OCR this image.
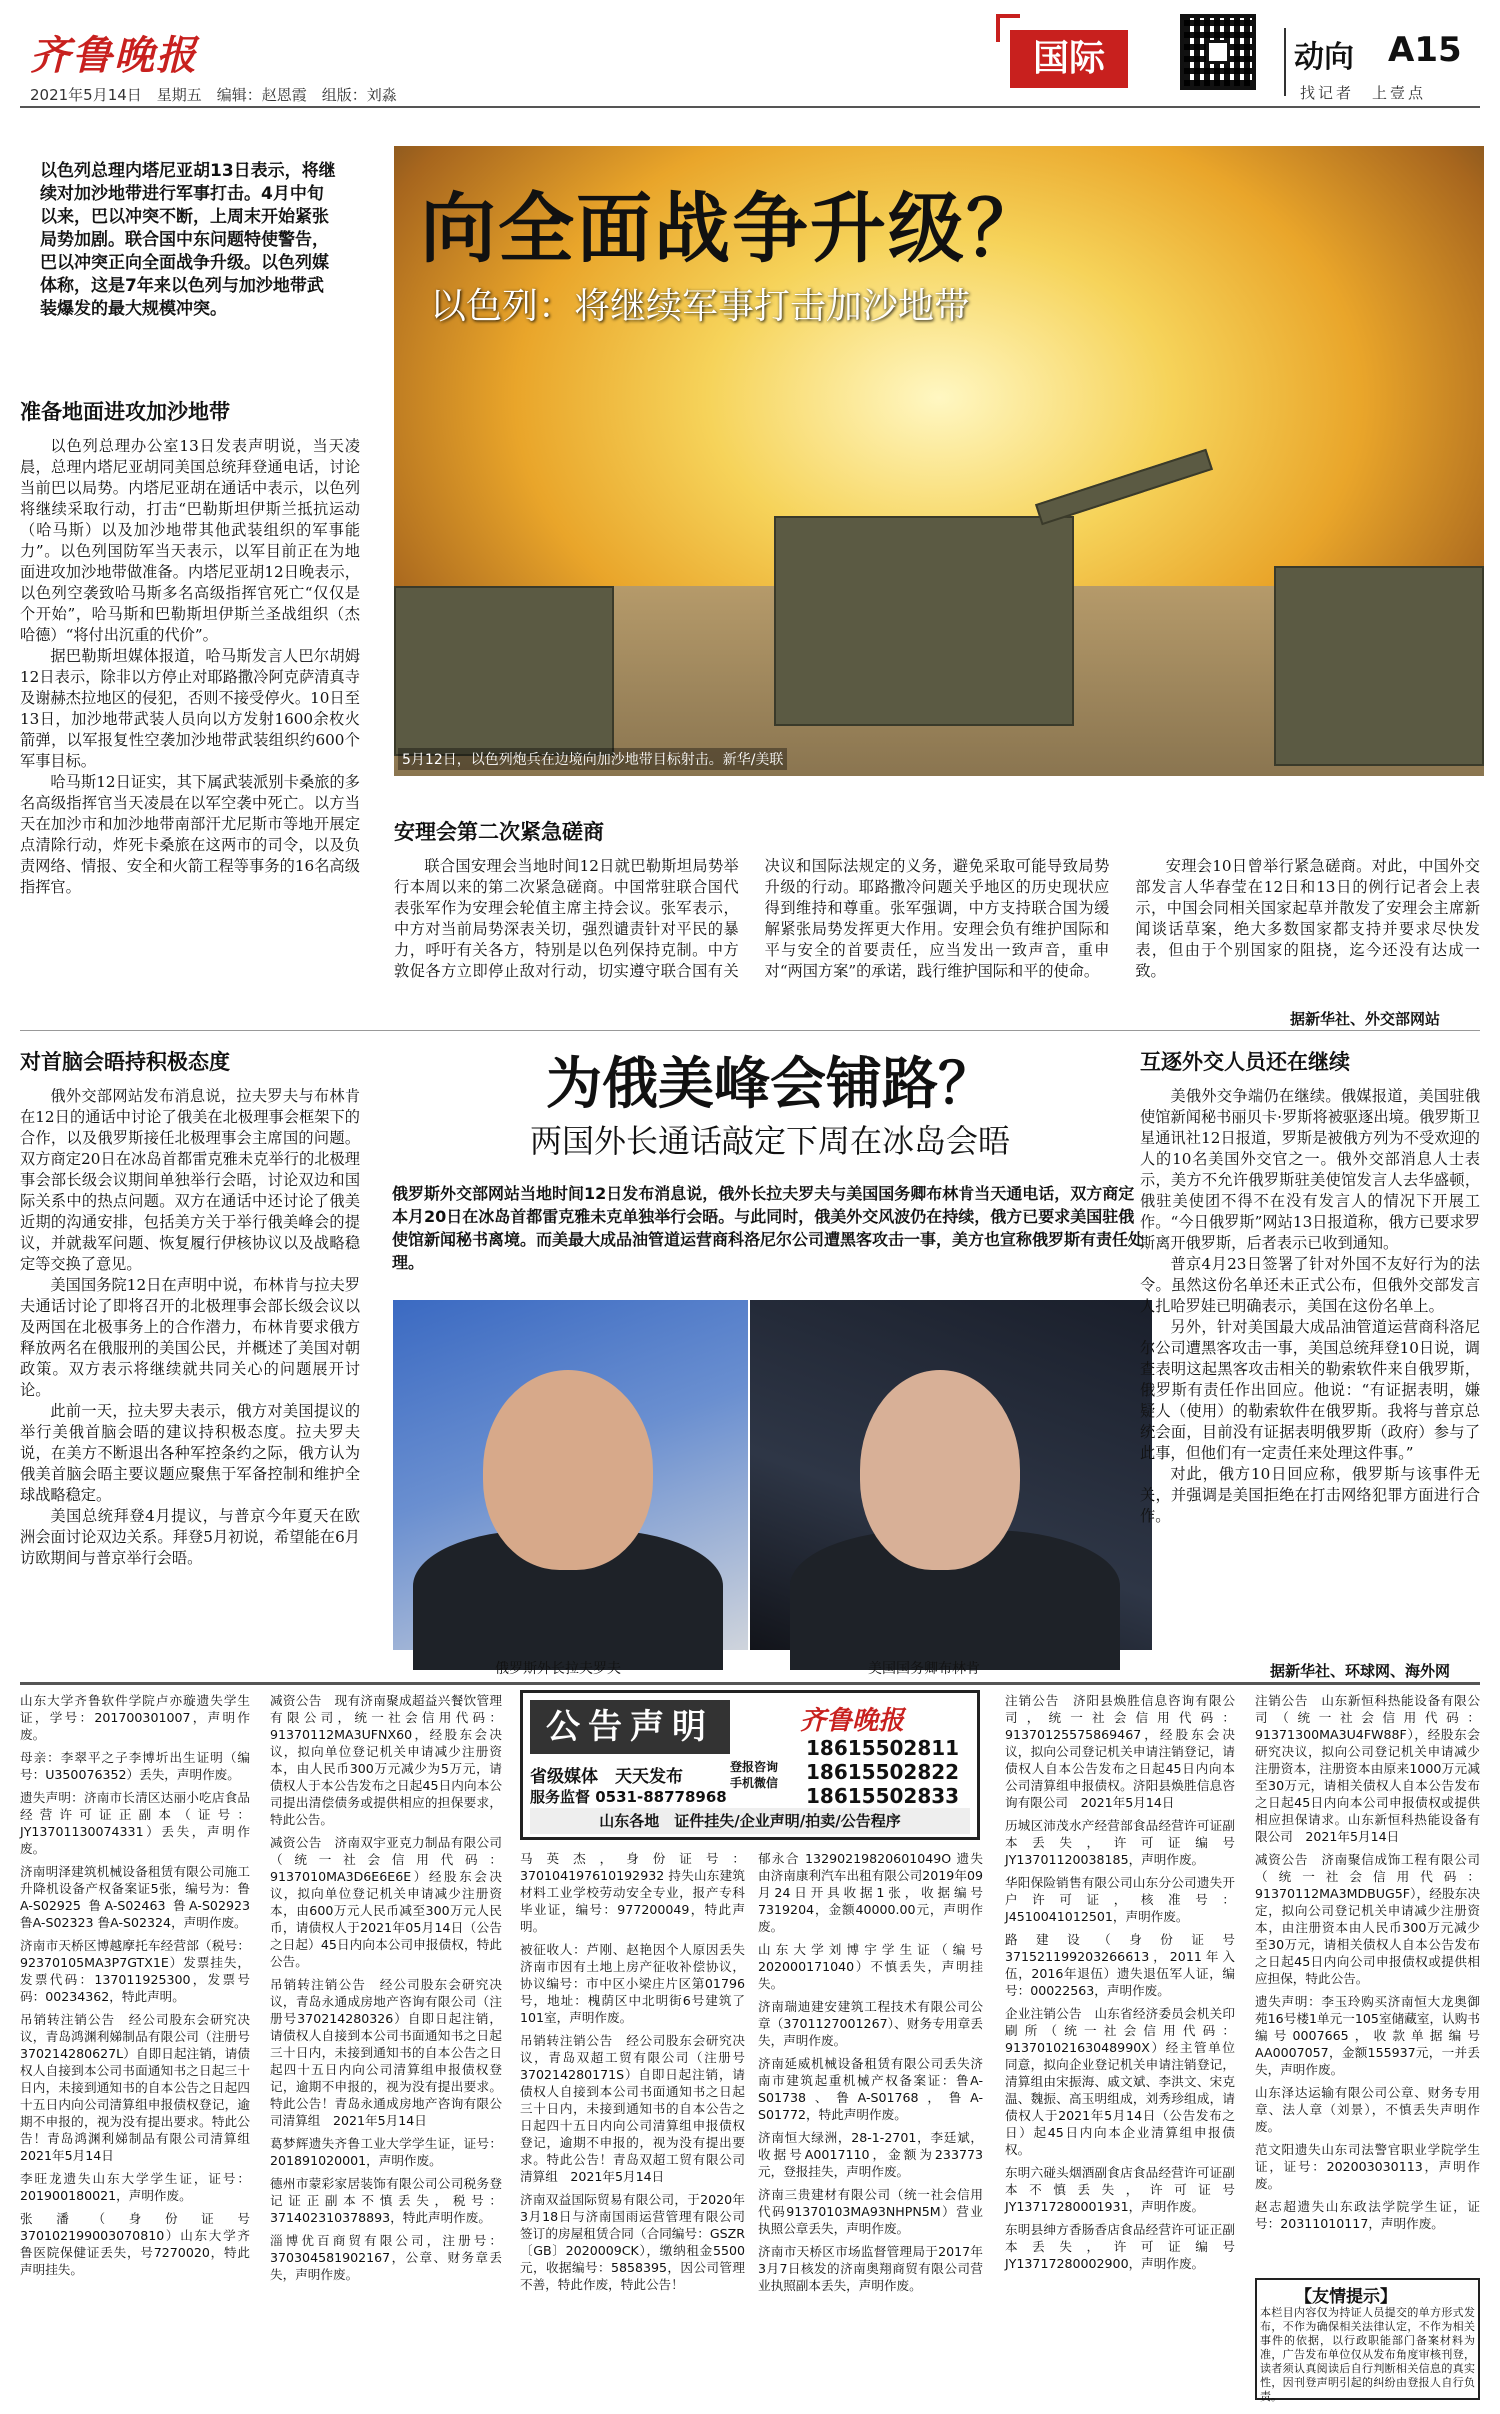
齐鲁晚报
2021年5月14日　星期五　编辑：赵恩霞　组版：刘淼
国际	动向 A15
找记者　上壹点
以色列总理内塔尼亚胡13日表示，将继续对加沙地带进行军事打击。4月中旬以来，巴以冲突不断，上周末开始紧张局势加剧。联合国中东问题特使警告，巴以冲突正向全面战争升级。以色列媒体称，这是7年来以色列与加沙地带武装爆发的最大规模冲突。
向全面战争升级？
以色列：将继续军事打击加沙地带
5月12日，以色列炮兵在边境向加沙地带目标射击。新华/美联
准备地面进攻加沙地带

以色列总理办公室13日发表声明说，当天凌晨，总理内塔尼亚胡同美国总统拜登通电话，讨论当前巴以局势。内塔尼亚胡在通话中表示，以色列将继续采取行动，打击“巴勒斯坦伊斯兰抵抗运动（哈马斯）以及加沙地带其他武装组织的军事能力”。以色列国防军当天表示，以军目前正在为地面进攻加沙地带做准备。内塔尼亚胡12日晚表示，以色列空袭致哈马斯多名高级指挥官死亡“仅仅是个开始”，哈马斯和巴勒斯坦伊斯兰圣战组织（杰哈德）“将付出沉重的代价”。

据巴勒斯坦媒体报道，哈马斯发言人巴尔胡姆12日表示，除非以方停止对耶路撒冷阿克萨清真寺及谢赫杰拉地区的侵犯，否则不接受停火。10日至13日，加沙地带武装人员向以方发射1600余枚火箭弹，以军报复性空袭加沙地带武装组织约600个军事目标。

哈马斯12日证实，其下属武装派别卡桑旅的多名高级指挥官当天凌晨在以军空袭中死亡。以方当天在加沙市和加沙地带南部汗尤尼斯市等地开展定点清除行动，炸死卡桑旅在这两市的司令，以及负责网络、情报、安全和火箭工程等事务的16名高级指挥官。

安理会第二次紧急磋商

联合国安理会当地时间12日就巴勒斯坦局势举行本周以来的第二次紧急磋商。中国常驻联合国代表张军作为安理会轮值主席主持会议。张军表示，中方对当前局势深表关切，强烈谴责针对平民的暴力，呼吁有关各方，特别是以色列保持克制。中方敦促各方立即停止敌对行动，切实遵守联合国有关决议和国际法规定的义务，避免采取可能导致局势升级的行动。耶路撒冷问题关乎地区的历史现状应得到维持和尊重。张军强调，中方支持联合国为缓解紧张局势发挥更大作用。安理会负有维护国际和平与安全的首要责任，应当发出一致声音，重申对“两国方案”的承诺，践行维护国际和平的使命。

安理会10日曾举行紧急磋商。对此，中国外交部发言人华春莹在12日和13日的例行记者会上表示，中国会同相关国家起草并散发了安理会主席新闻谈话草案，绝大多数国家都支持并要求尽快发表，但由于个别国家的阻挠，迄今还没有达成一致。

据新华社、外交部网站
为俄美峰会铺路？
两国外长通话敲定下周在冰岛会晤
俄罗斯外交部网站当地时间12日发布消息说，俄外长拉夫罗夫与美国国务卿布林肯当天通电话，双方商定本月20日在冰岛首都雷克雅未克单独举行会晤。与此同时，俄美外交风波仍在持续，俄方已要求美国驻俄使馆新闻秘书离境。而美最大成品油管道运营商科洛尼尔公司遭黑客攻击一事，美方也宣称俄罗斯有责任处理。
对首脑会晤持积极态度

俄外交部网站发布消息说，拉夫罗夫与布林肯在12日的通话中讨论了俄美在北极理事会框架下的合作，以及俄罗斯接任北极理事会主席国的问题。双方商定20日在冰岛首都雷克雅未克举行的北极理事会部长级会议期间单独举行会晤，讨论双边和国际关系中的热点问题。双方在通话中还讨论了俄美近期的沟通安排，包括美方关于举行俄美峰会的提议，并就裁军问题、恢复履行伊核协议以及战略稳定等交换了意见。

美国国务院12日在声明中说，布林肯与拉夫罗夫通话讨论了即将召开的北极理事会部长级会议以及两国在北极事务上的合作潜力，布林肯要求俄方释放两名在俄服刑的美国公民，并概述了美国对朝政策。双方表示将继续就共同关心的问题展开讨论。

此前一天，拉夫罗夫表示，俄方对美国提议的举行美俄首脑会晤的建议持积极态度。拉夫罗夫说，在美方不断退出各种军控条约之际，俄方认为俄美首脑会晤主要议题应聚焦于军备控制和维护全球战略稳定。

美国总统拜登4月提议，与普京今年夏天在欧洲会面讨论双边关系。拜登5月初说，希望能在6月访欧期间与普京举行会晤。

俄罗斯外长拉夫罗夫	美国国务卿布林肯
互逐外交人员还在继续

美俄外交争端仍在继续。俄媒报道，美国驻俄使馆新闻秘书丽贝卡·罗斯将被驱逐出境。俄罗斯卫星通讯社12日报道，罗斯是被俄方列为不受欢迎的人的10名美国外交官之一。俄外交部消息人士表示，美方不允许俄罗斯驻美使馆发言人去华盛顿，俄驻美使团不得不在没有发言人的情况下开展工作。“今日俄罗斯”网站13日报道称，俄方已要求罗斯离开俄罗斯，后者表示已收到通知。

普京4月23日签署了针对外国不友好行为的法令。虽然这份名单还未正式公布，但俄外交部发言人扎哈罗娃已明确表示，美国在这份名单上。

另外，针对美国最大成品油管道运营商科洛尼尔公司遭黑客攻击一事，美国总统拜登10日说，调查表明这起黑客攻击相关的勒索软件来自俄罗斯，俄罗斯有责任作出回应。他说：“有证据表明，嫌疑人（使用）的勒索软件在俄罗斯。我将与普京总统会面，目前没有证据表明俄罗斯（政府）参与了此事，但他们有一定责任来处理这件事。”

对此，俄方10日回应称，俄罗斯与该事件无关，并强调是美国拒绝在打击网络犯罪方面进行合作。

据新华社、环球网、海外网
山东大学齐鲁软件学院卢亦璇遗失学生证，学号：201700301007，声明作废。
母亲：李翠平之子李博圻出生证明（编号：U350076352）丢失，声明作废。
遗失声明：济南市长清区达丽小吃店食品经营许可证正副本（证号：JY13701130074331）丢失，声明作废。
济南明泽建筑机械设备租赁有限公司施工升降机设备产权备案证5张，编号为：鲁A-S02925 鲁A-S02463 鲁A-S02923 鲁A-S02323 鲁A-S02324，声明作废。
济南市天桥区博越摩托车经营部（税号：92370105MA3P7GTX1E）发票挂失，发票代码：137011925300，发票号码：00234362，特此声明。
吊销转注销公告　经公司股东会研究决议，青岛鸿渊利娣制品有限公司（注册号370214280627L）自即日起注销，请债权人自接到本公司书面通知书之日起三十日内，未接到通知书的自本公告之日起四十五日内向公司清算组申报债权登记，逾期不申报的，视为没有提出要求。特此公告！青岛鸿渊利娣制品有限公司清算组　2021年5月14日
李旺龙遗失山东大学学生证，证号：201900180021，声明作废。
张潘（身份证号370102199003070810）山东大学齐鲁医院保健证丢失，号7270020，特此声明挂失。
减资公告　现有济南聚成超益兴餐饮管理有限公司，统一社会信用代码：91370112MA3UFNX60，经股东会决议，拟向单位登记机关申请减少注册资本，由人民币300万元减少为5万元，请债权人于本公告发布之日起45日内向本公司提出清偿债务或提供相应的担保要求，特此公告。
减资公告　济南双宇亚克力制品有限公司（统一社会信用代码：9137010MA3D6E6E6E）经股东会决议，拟向单位登记机关申请减少注册资本，由600万元人民币减至300万元人民币，请债权人于2021年05月14日（公告之日起）45日内向本公司申报债权，特此公告。
吊销转注销公告　经公司股东会研究决议，青岛永通成房地产咨询有限公司（注册号370214280326）自即日起注销，请债权人自接到本公司书面通知书之日起三十日内，未接到通知书的自本公告之日起四十五日内向公司清算组申报债权登记，逾期不申报的，视为没有提出要求。特此公告！青岛永通成房地产咨询有限公司清算组　2021年5月14日
葛梦辉遗失齐鲁工业大学学生证，证号：201891020001，声明作废。
德州市蒙彩家居装饰有限公司公司税务登记证正副本不慎丢失，税号：371402310378893，特此声明作废。
淄博优百商贸有限公司，注册号：370304581902167，公章、财务章丢失，声明作废。
公告声明	齐鲁晚报
省级媒体　天天发布	登报咨询
手机微信
服务监督 0531-88778968
18615502811
18615502822
18615502833
山东各地　证件挂失/企业声明/拍卖/公告程序
马英杰，身份证号：370104197610192932 持失山东建筑材料工业学校劳动安全专业，报产专科毕业证，编号：977200049，特此声明。
被征收人：芦刚、赵艳因个人原因丢失济南市因有土地上房产征收补偿协议，协议编号：市中区小梁庄片区第01796号，地址：槐荫区中北明街6号建筑了101室，声明作废。
吊销转注销公告　经公司股东会研究决议，青岛双超工贸有限公司（注册号370214280171S）自即日起注销，请债权人自接到本公司书面通知书之日起三十日内，未接到通知书的自本公告之日起四十五日内向公司清算组申报债权登记，逾期不申报的，视为没有提出要求。特此公告！青岛双超工贸有限公司清算组　2021年5月14日
济南双益国际贸易有限公司，于2020年3月18日与济南国雨运营管理有限公司签订的房屋租赁合同（合同编号：GSZR〔GB〕2020009CK），缴纳租金5500元，收据编号：5858395，因公司管理不善，特此作废，特此公告！
郁永合 13290219820601049O 遗失由济南康利汽车出租有限公司2019年09月24日开具收据1张，收据编号7319204，金额40000.00元，声明作废。
山东大学刘博宇学生证（编号202000171040）不慎丢失，声明挂失。
济南瑞迪建安建筑工程技术有限公司公章（370112700126​7）、财务专用章丢失，声明作废。
济南延威机械设备租赁有限公司丢失济南市建筑起重机械产权备案证：鲁A-S01738、鲁A-S01768，鲁A-S01772，特此声明作废。
济南恒大绿洲，28-1-2701，李廷斌，收据号A0017110，金额为233773元，登报挂失，声明作废。
济南三贵建材有限公司（统一社会信用代码91370103MA93NHPN5M）营业执照公章丢失，声明作废。
济南市天桥区市场监督管理局于2017年3月7日核发的济南奥翔商贸有限公司营业执照副本丢失，声明作废。
注销公告　济阳县焕胜信息咨询有限公司，统一社会信用代码：91370125575869467，经股东会决议，拟向公司登记机关申请注销登记，请债权人自本公告发布之日起45日内向本公司清算组申报债权。济阳县焕胜信息咨询有限公司　2021年5月14日
历城区沛茂水产经营部食品经营许可证副本丢失，许可证编号JY13701120038185，声明作废。
华阳保险销售有限公司山东分公司遗失开户许可证，核准号：J4510041012501，声明作废。
路建设（身份证号371521199203266613，2011年入伍，2016年退伍）遗失退伍军人证，编号：0002256​3，声明作废。
企业注销公告　山东省经济委员会机关印刷所（统一社会信用代码：91370102163048990X）经主管单位同意，拟向企业登记机关申请注销登记，清算组由宋振海、戚文斌、李洪文、宋克温、魏振、高玉明组成，刘秀珍组成，请债权人于2021年5月14日（公告发布之日）起45日内向本企业清算组申报债权。
东明六碰头烟酒副食店食品经营许可证副本不慎丢失，许可证号JY13717280001931，声明作废。
东明县绅方香肠香店食品经营许可证正副本丢失，许可证编号JY13717280002900，声明作废。
注销公告　山东新恒科热能设备有限公司（统一社会信用代码：91371300MA3U4FW88F），经股东会研究决议，拟向公司登记机关申请减少注册资本，注册资本由原来1000万元减至30万元，请相关债权人自本公告发布之日起45日内向本公司申报债权或提供相应担保请求。山东新恒科热能设备有限公司　2021年5月14日
减资公告　济南聚信成饰工程有限公司（统一社会信用代码：91370112MA3MDBUG5F），经股东决定，拟向公司登记机关申请减少注册资本，由注册资本由人民币300万元减少至30万元，请相关债权人自本公告发布之日起45日内向公司申报债权或提供相应担保，特此公告。
遗失声明：李玉玲购买济南恒大龙奥御苑16号楼1单元一105室储藏室，认购书编号0007665，收款单据编号AA0007057，金额155937元，一并丢失，声明作废。
山东泽达运输有限公司公章、财务专用章、法人章（刘景），不慎丢失声明作废。
范文阳遗失山东司法警官职业学院学生证，证号：202003030113，声明作废。
赵志超遗失山东政法学院学生证，证号：20311010117，声明作废。
【友情提示】
本栏目内容仅为持证人员提交的单方形式发布，不作为确保相关法律认定，不作为相关事件的依据，以行政职能部门备案材料为准，广告发布单位仅从发布角度审核刊登，读者须认真阅读后自行判断相关信息的真实性，因刊登声明引起的纠纷由登报人自行负责。
